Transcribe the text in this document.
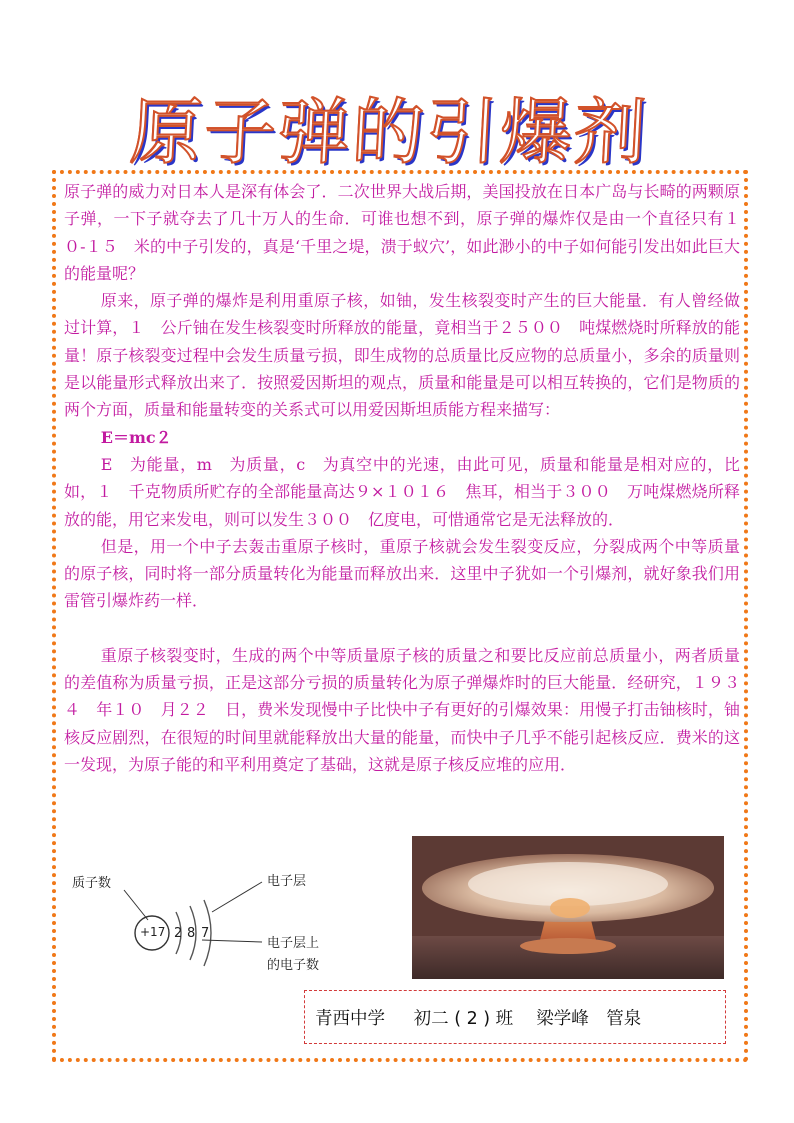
原子弹的引爆剂

原子弹的威力对日本人是深有体会了．二次世界大战后期，美国投放在日本广岛与长畸的两颗原子弹，一下子就夺去了几十万人的生命．可谁也想不到，原子弹的爆炸仅是由一个直径只有１０-１５　米的中子引发的，真是‘千里之堤，溃于蚁穴’，如此渺小的中子如何能引发出如此巨大的能量呢？

原来，原子弹的爆炸是利用重原子核，如铀，发生核裂变时产生的巨大能量．有人曾经做过计算，１　公斤铀在发生核裂变时所释放的能量，竟相当于２５００　吨煤燃烧时所释放的能量！原子核裂变过程中会发生质量亏损，即生成物的总质量比反应物的总质量小，多余的质量则是以能量形式释放出来了．按照爱因斯坦的观点，质量和能量是可以相互转换的，它们是物质的两个方面，质量和能量转变的关系式可以用爱因斯坦质能方程来描写：

E＝mc２

E　为能量，m　为质量，c　为真空中的光速，由此可见，质量和能量是相对应的，比如，１　千克物质所贮存的全部能量高达９×１０１６　焦耳，相当于３００　万吨煤燃烧所释放的能，用它来发电，则可以发生３００　亿度电，可惜通常它是无法释放的．

但是，用一个中子去轰击重原子核时，重原子核就会发生裂变反应，分裂成两个中等质量的原子核，同时将一部分质量转化为能量而释放出来．这里中子犹如一个引爆剂，就好象我们用雷管引爆炸药一样．

重原子核裂变时，生成的两个中等质量原子核的质量之和要比反应前总质量小，两者质量的差值称为质量亏损，正是这部分亏损的质量转化为原子弹爆炸时的巨大能量．经研究，１９３４　年１０　月２２　日，费米发现慢中子比快中子有更好的引爆效果：用慢子打击铀核时，铀核反应剧烈，在很短的时间里就能释放出大量的能量，而快中子几乎不能引起核反应．费米的这一发现，为原子能的和平利用奠定了基础，这就是原子核反应堆的应用．

质子数
+17 2 8 7
电子层
电子层上
的电子数
青西中学　  初二 ( 2 ) 班　 梁学峰　管泉
